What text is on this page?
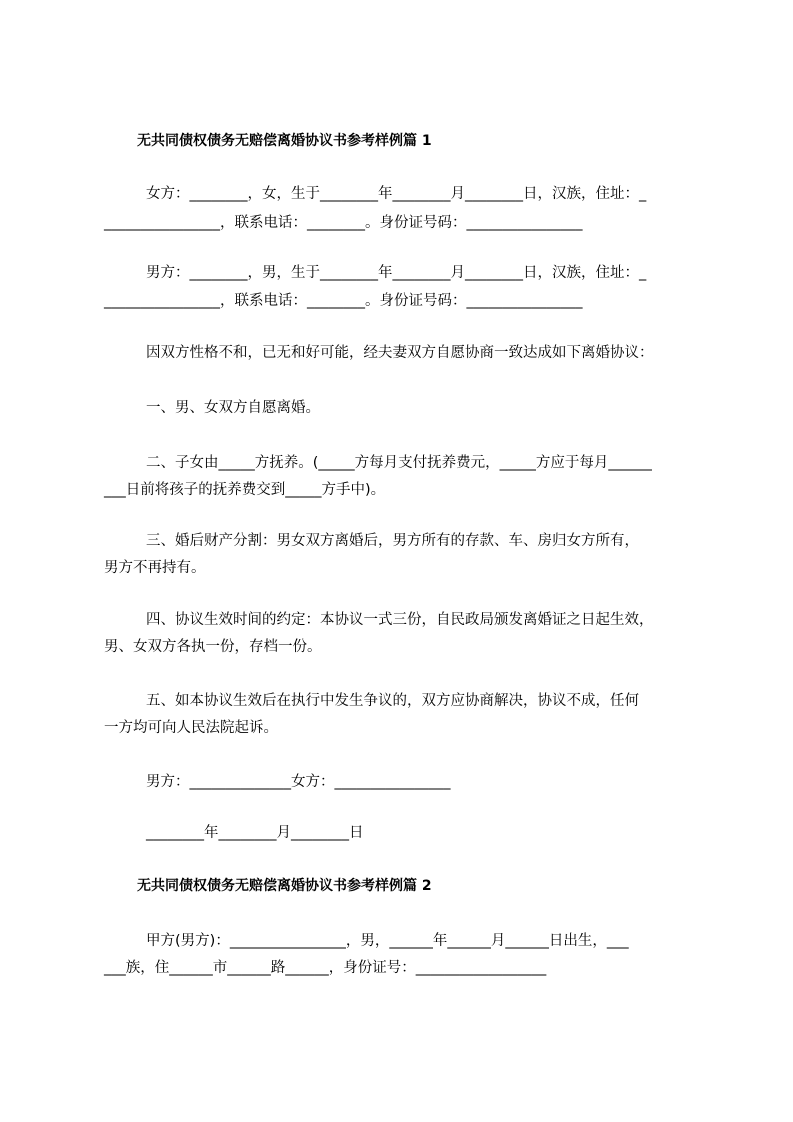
无共同债权债务无赔偿离婚协议书参考样例篇 1
女方：________，女，生于________年________月________日，汉族，住址：_
________________，联系电话：________。身份证号码：________________
男方：________，男，生于________年________月________日，汉族，住址：_
________________，联系电话：________。身份证号码：________________
因双方性格不和，已无和好可能，经夫妻双方自愿协商一致达成如下离婚协议：
一、男、女双方自愿离婚。
二、子女由_____方抚养。(_____方每月支付抚养费元，_____方应于每月______
___日前将孩子的抚养费交到_____方手中)。
三、婚后财产分割：男女双方离婚后，男方所有的存款、车、房归女方所有，
男方不再持有。
四、协议生效时间的约定：本协议一式三份，自民政局颁发离婚证之日起生效，
男、女双方各执一份，存档一份。
五、如本协议生效后在执行中发生争议的，双方应协商解决，协议不成，任何
一方均可向人民法院起诉。
男方：______________女方：________________
________年________月________日
无共同债权债务无赔偿离婚协议书参考样例篇 2
甲方(男方)：________________，男，______年______月______日出生，___
___族，住______市______路______，身份证号：__________________
